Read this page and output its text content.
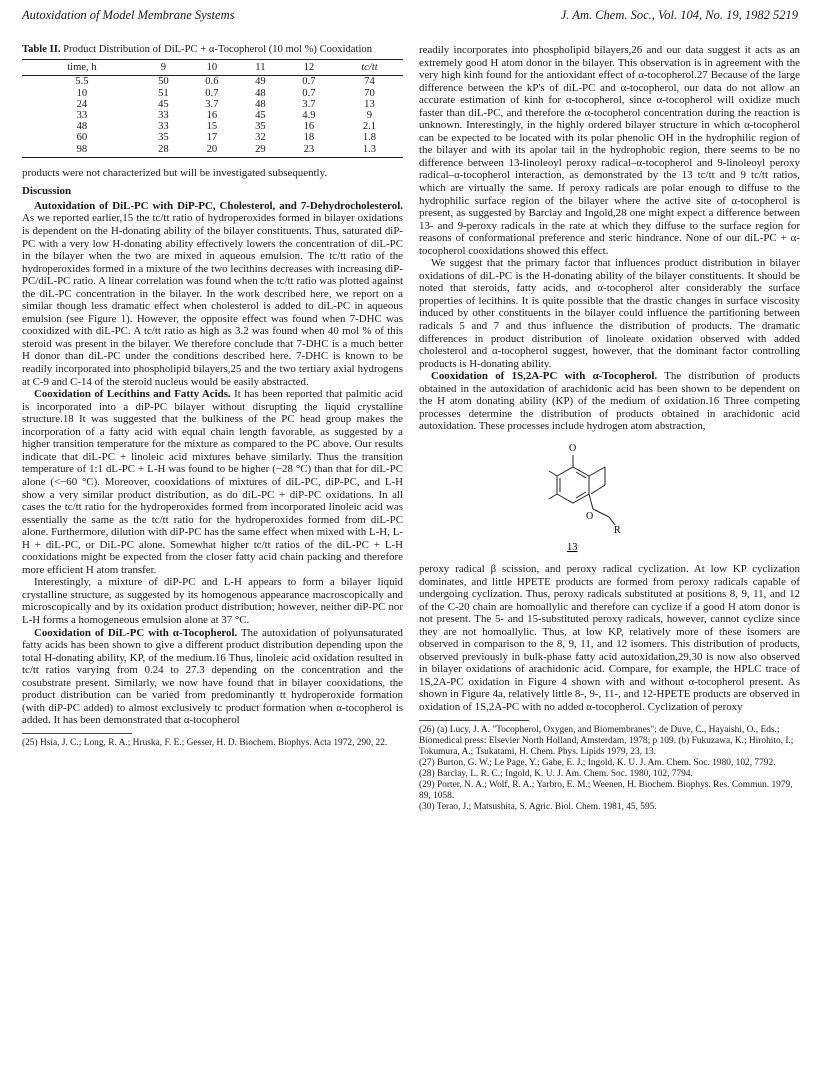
Autoxidation of Model Membrane Systems	J. Am. Chem. Soc., Vol. 104, No. 19, 1982 5219
Table II. Product Distribution of DiL-PC + α-Tocopherol (10 mol %) Cooxidation
time, h	9	10	11	12	tc/tt
5.5	50	0.6	49	0.7	74
10	51	0.7	48	0.7	70
24	45	3.7	48	3.7	13
33	33	16	45	4.9	9
48	33	15	35	16	2.1
60	35	17	32	18	1.8
98	28	20	29	23	1.3

products were not characterized but will be investigated subsequently.

Discussion

Autoxidation of DiL-PC with DiP-PC, Cholesterol, and 7-Dehydrocholesterol. As we reported earlier,15 the tc/tt ratio of hydroperoxides formed in bilayer oxidations is dependent on the H-donating ability of the bilayer constituents. Thus, saturated diP-PC with a very low H-donating ability effectively lowers the concentration of diL-PC in the bilayer when the two are mixed in aqueous emulsion. The tc/tt ratio of the hydroperoxides formed in a mixture of the two lecithins decreases with increasing diP-PC/diL-PC ratio. A linear correlation was found when the tc/tt ratio was plotted against the diL-PC concentration in the bilayer. In the work described here, we report on a similar though less dramatic effect when cholesterol is added to diL-PC in aqueous emulsion (see Figure 1). However, the opposite effect was found when 7-DHC was cooxidized with diL-PC. A tc/tt ratio as high as 3.2 was found when 40 mol % of this steroid was present in the bilayer. We therefore conclude that 7-DHC is a much better H donor than diL-PC under the conditions described here. 7-DHC is known to be readily incorporated into phospholipid bilayers,25 and the two tertiary axial hydrogens at C-9 and C-14 of the steroid nucleus would be easily abstracted.

Cooxidation of Lecithins and Fatty Acids. It has been reported that palmitic acid is incorporated into a diP-PC bilayer without disrupting the liquid crystalline structure.18 It was suggested that the bulkiness of the PC head group makes the incorporation of a fatty acid with equal chain length favorable, as suggested by a higher transition temperature for the mixture as compared to the PC above. Our results indicate that diL-PC + linoleic acid mixtures behave similarly. Thus the transition temperature of 1:1 dL-PC + L-H was found to be higher (−28 °C) than that for diL-PC alone (<−60 °C). Moreover, cooxidations of mixtures of diL-PC, diP-PC, and L-H show a very similar product distribution, as do diL-PC + diP-PC oxidations. In all cases the tc/tt ratio for the hydroperoxides formed from incorporated linoleic acid was essentially the same as the tc/tt ratio for the hydroperoxides formed from diL-PC alone. Furthermore, dilution with diP-PC has the same effect when mixed with L-H, L-H + diL-PC, or DiL-PC alone. Somewhat higher tc/tt ratios of the diL-PC + L-H cooxidations might be expected from the closer fatty acid chain packing and therefore more efficient H atom transfer.

Interestingly, a mixture of diP-PC and L-H appears to form a bilayer liquid crystalline structure, as suggested by its homogenous appearance macroscopically and microscopically and by its oxidation product distribution; however, neither diP-PC nor L-H forms a homogeneous emulsion alone at 37 °C.

Cooxidation of DiL-PC with α-Tocopherol. The autoxidation of polyunsaturated fatty acids has been shown to give a different product distribution depending upon the total H-donating ability, KP, of the medium.16 Thus, linoleic acid oxidation resulted in tc/tt ratios varying from 0.24 to 27.3 depending on the concentration and the cosubstrate present. Similarly, we now have found that in bilayer cooxidations, the product distribution can be varied from predominantly tt hydroperoxide formation (with diP-PC added) to almost exclusively tc product formation when α-tocopherol is added. It has been demonstrated that α-tocopherol

(25) Hsia, J. C.; Long, R. A.; Hruska, F. E.; Gesser, H. D. Biochem. Biophys. Acta 1972, 290, 22.

readily incorporates into phospholipid bilayers,26 and our data suggest it acts as an extremely good H atom donor in the bilayer. This observation is in agreement with the very high kinh found for the antioxidant effect of α-tocopherol.27 Because of the large difference between the kP's of diL-PC and α-tocopherol, our data do not allow an accurate estimation of kinh for α-tocopherol, since α-tocopherol will oxidize much faster than diL-PC, and therefore the α-tocopherol concentration during the reaction is unknown. Interestingly, in the highly ordered bilayer structure in which α-tocopherol can be expected to be located with its polar phenolic OH in the hydrophilic region of the bilayer and with its apolar tail in the hydrophobic region, there seems to be no difference between 13-linoleoyl peroxy radical–α-tocopherol and 9-linoleoyl peroxy radical–α-tocopherol interaction, as demonstrated by the 13 tc/tt and 9 tc/tt ratios, which are virtually the same. If peroxy radicals are polar enough to diffuse to the hydrophilic surface region of the bilayer where the active site of α-tocopherol is present, as suggested by Barclay and Ingold,28 one might expect a difference between 13- and 9-peroxy radicals in the rate at which they diffuse to the surface region for reasons of conformational preference and steric hindrance. None of our diL-PC + α-tocopherol cooxidations showed this effect.

We suggest that the primary factor that influences product distribution in bilayer oxidations of diL-PC is the H-donating ability of the bilayer constituents. It should be noted that steroids, fatty acids, and α-tocopherol alter considerably the surface properties of lecithins. It is quite possible that the drastic changes in surface viscosity induced by other constituents in the bilayer could influence the partitioning between radicals 5 and 7 and thus influence the distribution of products. The dramatic differences in product distribution of linoleate oxidation observed with added cholesterol and α-tocopherol suggest, however, that the dominant factor controlling products is H-donating ability.

Cooxidation of 1S,2A-PC with α-Tocopherol. The distribution of products obtained in the autoxidation of arachidonic acid has been shown to be dependent on the H atom donating ability (KP) of the medium of oxidation.16 Three competing processes determine the distribution of products obtained in arachidonic acid autoxidation. These processes include hydrogen atom abstraction,

O
O
R
13

peroxy radical β scission, and peroxy radical cyclization. At low KP cyclization dominates, and little HPETE products are formed from peroxy radicals capable of undergoing cyclization. Thus, peroxy radicals substituted at positions 8, 9, 11, and 12 of the C-20 chain are homoallylic and therefore can cyclize if a good H atom donor is not present. The 5- and 15-substituted peroxy radicals, however, cannot cyclize since they are not homoallylic. Thus, at low KP, relatively more of these isomers are observed in comparison to the 8, 9, 11, and 12 isomers. This distribution of products, observed previously in bulk-phase fatty acid autoxidation,29,30 is now also observed in bilayer oxidations of arachidonic acid. Compare, for example, the HPLC trace of 1S,2A-PC oxidation in Figure 4 shown with and without α-tocopherol present. As shown in Figure 4a, relatively little 8-, 9-, 11-, and 12-HPETE products are observed in oxidation of 1S,2A-PC with no added α-tocopherol. Cyclization of peroxy

(26) (a) Lucy, J. A. "Tocopherol, Oxygen, and Biomembranes"; de Duve, C., Hayaishi, O., Eds.; Biomedical press: Elsevier North Holland, Amsterdam, 1978; p 109. (b) Fukuzawa, K.; Hirohito, I.; Tokumura, A.; Tsukatami, H. Chem. Phys. Lipids 1979, 23, 13.

(27) Burton, G. W.; Le Page, Y.; Gabe, E. J.; Ingold, K. U. J. Am. Chem. Soc. 1980, 102, 7792.

(28) Barclay, L. R. C.; Ingold, K. U. J. Am. Chem. Soc. 1980, 102, 7794.

(29) Porter, N. A.; Wolf, R. A.; Yarbro, E. M.; Weenen, H. Biochem. Biophys. Res. Commun. 1979, 89, 1058.

(30) Terao, J.; Matsushita, S. Agric. Biol. Chem. 1981, 45, 595.
